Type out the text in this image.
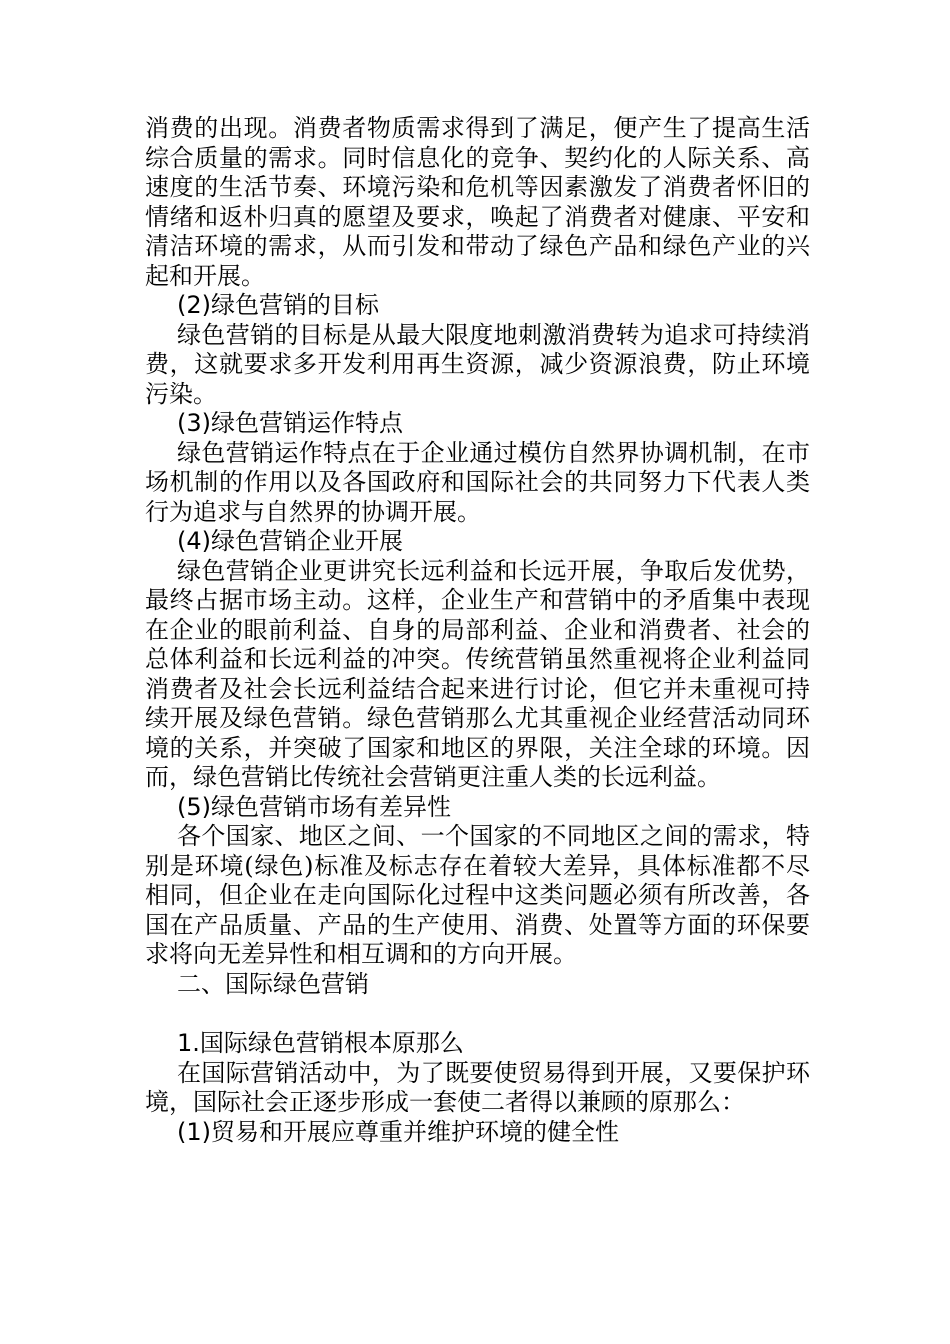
消费的出现。消费者物质需求得到了满足，便产生了提高生活综合质量的需求。同时信息化的竞争、契约化的人际关系、高速度的生活节奏、环境污染和危机等因素激发了消费者怀旧的情绪和返朴归真的愿望及要求，唤起了消费者对健康、平安和清洁环境的需求，从而引发和带动了绿色产品和绿色产业的兴起和开展。

(2)绿色营销的目标

绿色营销的目标是从最大限度地刺激消费转为追求可持续消费，这就要求多开发利用再生资源，减少资源浪费，防止环境污染。

(3)绿色营销运作特点

绿色营销运作特点在于企业通过模仿自然界协调机制，在市场机制的作用以及各国政府和国际社会的共同努力下代表人类行为追求与自然界的协调开展。

(4)绿色营销企业开展

绿色营销企业更讲究长远利益和长远开展，争取后发优势，最终占据市场主动。这样，企业生产和营销中的矛盾集中表现在企业的眼前利益、自身的局部利益、企业和消费者、社会的总体利益和长远利益的冲突。传统营销虽然重视将企业利益同消费者及社会长远利益结合起来进行讨论，但它并未重视可持续开展及绿色营销。绿色营销那么尤其重视企业经营活动同环境的关系，并突破了国家和地区的界限，关注全球的环境。因而，绿色营销比传统社会营销更注重人类的长远利益。

(5)绿色营销市场有差异性

各个国家、地区之间、一个国家的不同地区之间的需求，特别是环境(绿色)标准及标志存在着较大差异，具体标准都不尽相同，但企业在走向国际化过程中这类问题必须有所改善，各国在产品质量、产品的生产使用、消费、处置等方面的环保要求将向无差异性和相互调和的方向开展。

二、国际绿色营销

1.国际绿色营销根本原那么

在国际营销活动中，为了既要使贸易得到开展，又要保护环境，国际社会正逐步形成一套使二者得以兼顾的原那么：

(1)贸易和开展应尊重并维护环境的健全性
